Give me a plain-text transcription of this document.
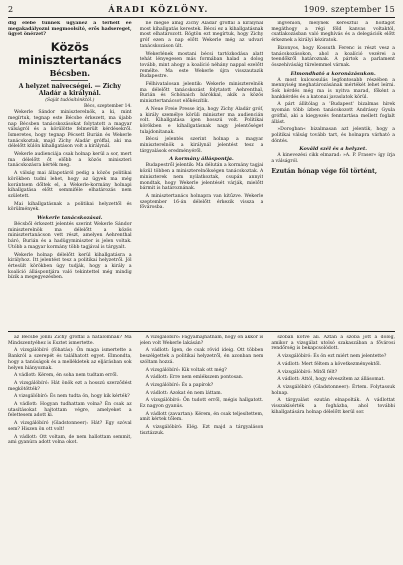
2	ÁRADI KÖZLÖNY.	1909. szeptember 15

dig elébe tűnnek ugyanez a terheit ée megakadályozni megmoolsító, erős hadsereget, ügyet önérzet?

Közös minisztertanács
Bécsben.
A helyzet naivecségei. — Zichy Aladár a királynál.
(Saját tudósítónktól.)
Bécs, szeptember 14.

Wekerle Sándor miniszterelnök, a ki, mint megírtuk, tegnap este Bécsbe érkezett, ma újabb nap Bécsben tanácskozásokat folytatott a magyar válságról és a körülötte felmerült kérdésekről. Ismeretes, hogy tegnap Pécsett Burián és Wekerle tanácskoztak, majd Zichy Aladár gróffal, aki ma délelőtt külön kihallgatáson volt a királynál.

Wekerle audienciája csak holnap kerül a sor, mert ma délelőtt őt előbb a közös miniszteri tanácskozásra kérték meg.

A válság mai állapotáról pedig a közös politikai körökben tudni lehet, hogy az ügyek ma még korántsem dőltek el, a Wekerle-kormány holnapi kihallgatása előtt semmiféle elhatározás nem született.

Mai kihallgatásnak a politikai helyzettől és körülmények.

Wekerle tanácskozásai.

Bécsből érkezett jelentés szerint Wekerle Sándor miniszterelnök ma délelőtt a közös minisztertanácson vett részt, amelyen Aehrenthal báró, Burián és a hadügyminiszter is jelen voltak. Utóbb a magyar kormány több tagjával is tárgyalt.

Wekerle holnap délelőtt kerül kihallgatásra a királyhoz. Itt jelentést tesz a politikai helyzetről. Jól értesült körökben úgy tudják, hogy a király a koalíció álláspontjára való tekintettel még mindig bízik a megegyezésben.

ne mégse amíg Zichy Aladár gróffal a királynál most kihallgatás kerestek. Bécsi ez a kihallgatásnak most elhatározott. Rögtön ezt megírtuk, hogy Zichy gróf ezen a nap előtt Wekerle még az udvari tanácskozáson ült.

Wekerlének mostani bécsi tartózkodása alatt tehát lényegesen más formában halad a dolog tovább, mint ahogy a koalíció néhány nappal ezelőtt remélte. Ma este Wekerle újra visszautazik Budapestre.

Félhivatalosan jelentik: Wekerle miniszterelnök ma délelőtt tanácskozást folytatott Aehrenthal, Burián és Schönaich bárókkal, akik a közös minisztertanácsot előkészítik.

A Neue Freie Presse írja, hogy Zichy Aladár gróf, a király személye körüli miniszter ma audiencián volt. Kihallgatása igen hosszú volt. Politikai körökben e kihallgatásnak nagy jelentőséget tulajdonítanak.

Bécsi jelentés szerint holnap a magyar miniszterelnök a királynál jelentést tesz a tárgyalások eredményéről.

A kormány álláspontja.

Budapestről jelentik: Ma délután a kormány tagjai közül többen a miniszterelnökségen tanácskoztak. A miniszterek nem nyilatkoztak, csupán annyit mondtak, hogy Wekerle jelentését várják, mielőtt bármit is határoznának.

A minisztertanács holnapra van kitűzve. Wekerle szeptember 16-án délelőtt érkezik vissza a fővárosba.

ingvenion, melynek keresztül a holtágot megáthogy a régi föld kanvas voltaktól, csatlakozásban való meghívás és a delegációk előtt érkeznek a királyi kéziratok.

Bizonyos, hogy Kossuth Ferenc is részt vesz a tanácskozásokon, ahol a koalíció vezérei a teendőkről határoznak. A pártok a parlament összehívásáig türelemmel várnak.

Elmondható a koronázásukon.

A most kulcsosulás legfontosabb részében a mennyiség meghatározásának mértékét lehet leírni. Sok kérdés még ma is nyitva marad, főként a bankkérdés és a katonai javaslatok körül.

A párt állítólag a 'Budapest' bizalmas hírek nyomán több ízben tanácskozott Andrássy Gyula gróffal, aki a kiegyezés fenntartása mellett foglalt állást.

»Dorogban« bizalmasan azt jelentik, hogy a politikai válság tovább tart, és holnapra várható a döntés.

Kováld szél és a helyzet.

A kinevezési cikk elmarad: »A. P. Fraser« így írja a válságról.

Ezután hónap vége föl történt,

az Bécsbe jönni Zichy gróffal a hatalomnak? Ma Mindszentyéhez is Esztet ismertette.

A vizsgálóbíró (föhatás): Ön maga ismertette a Bankról a szerepét és találhatott egyet. Elmondta, hogy a tanúságok és a mellékletek az eljárásban sok helyen hiányoznak.

A vádlott: Kérem, én soha nem tudtam erről.

A vizsgálóbíró: Hát önök ezt a hosszú szerződést megkötötték?

A vizsgálóbíró: És nem tudta ön, hogy kik kérték?

A vádlott: Hogyan tudhattam volna? Én csak az utasításokat hajtottam végre, amelyeket a felettesem adott ki.

A vizsgálóbíró (Gladstonneer): Hát? Egy szóval sem? Hiszen ön ott volt!

A vádlott: Ott voltam, de nem hallottam semmit, ami gyanúra adott volna okot.

A vizsgálóbíró: Fagyalhajhatnám, hogy ön akkor is jelen volt Wekerle lakásán?

A vádlott: Igen, de csak rövid ideig. Ott többen beszélgettek a politikai helyzetről, én azonban nem szóltam hozzá.

A vizsgálóbíró: Kik voltak ott még?

A vádlott: Erre nem emlékszem pontosan.

A vizsgálóbíró: És a papírok?

A vádlott: Azokat én nem láttam.

A vizsgálóbíró: Ön tudott erről, mégis hallgatott. Ez nagyon gyanús.

A vádlott (zavartan): Kérem, én csak teljesítettem, amit kértek tőlem.

A vizsgálóbíró: Elég. Ezt majd a tárgyaláson tisztázzuk.

szóban kötve ali. Aztán a szóba jött a dolog, amikor a vizsgálat utolsó szakaszában a fővárosi rendőrség is bekapcsolódott.

A vizsgálóbíró: És ön ezt miért nem jelentette?

A vádlott: Mert féltem a következményektől.

A vizsgálóbíró: Mitől félt?

A vádlott: Attól, hogy elveszítem az állásomat.

A vizsgálóbíró (Gladstonneer): Értem. Folytassuk holnap.

A tárgyalást ezután elnapolták. A vádlottat visszakísérték a fogházba, ahol további kihallgatására holnap délelőtt kerül sor.
